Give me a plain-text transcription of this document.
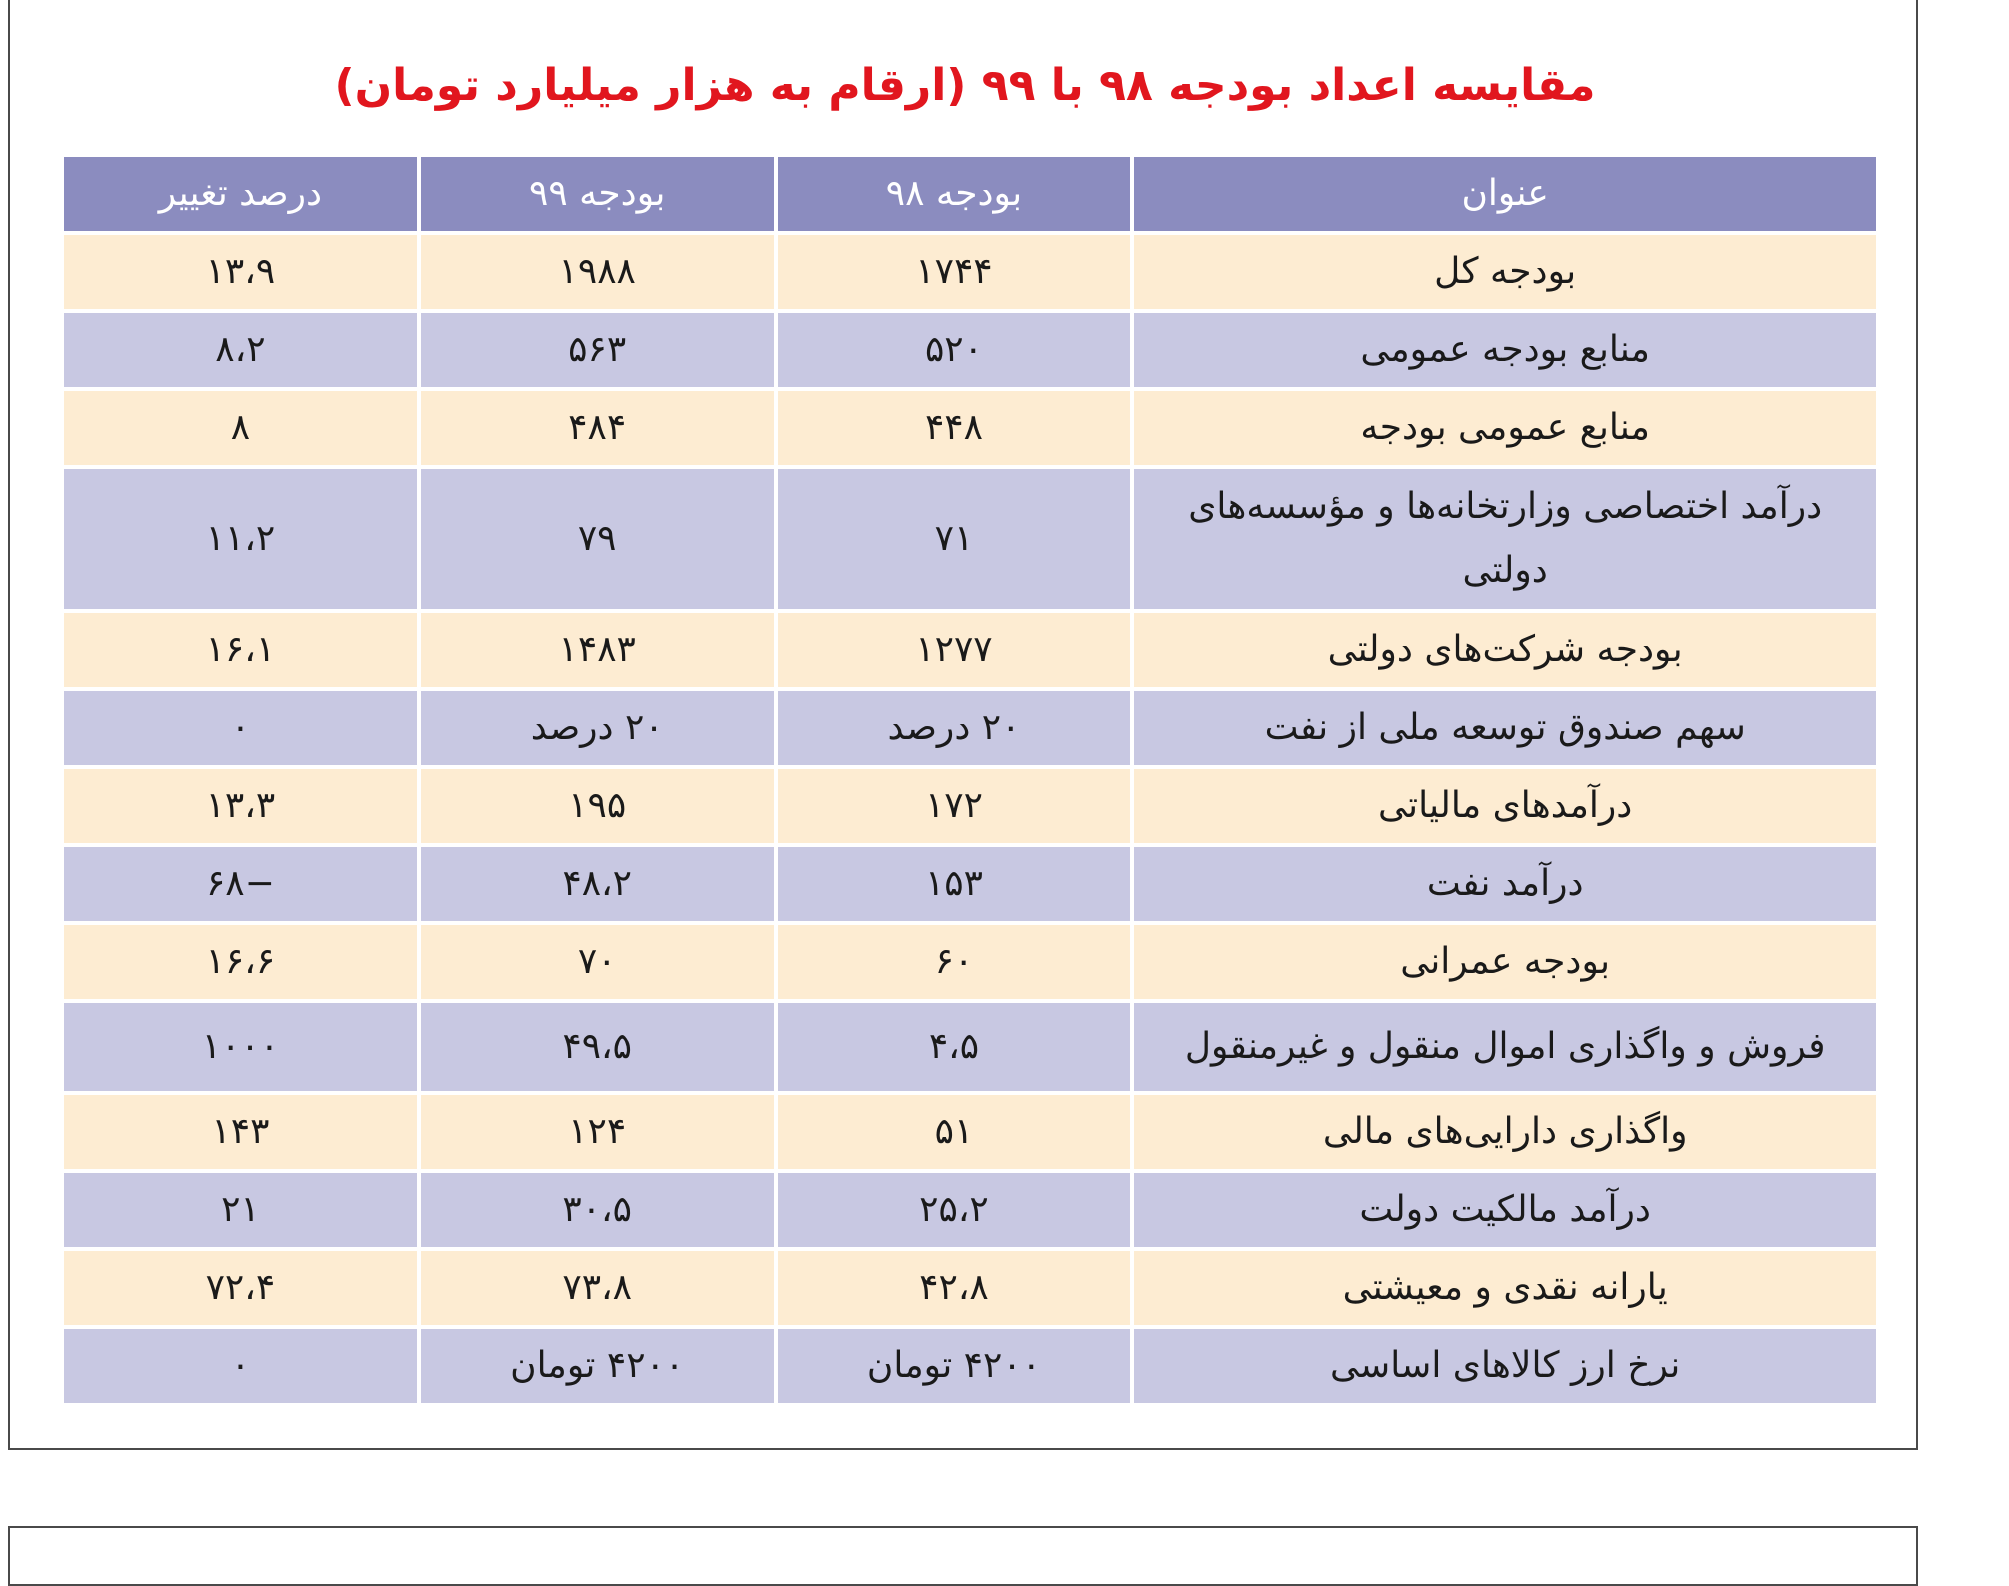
مقایسه اعداد بودجه ۹۸ با ۹۹ (ارقام به هزار میلیارد تومان)
عنوان	بودجه ۹۸	بودجه ۹۹	درصد تغییر
بودجه کل	۱۷۴۴	۱۹۸۸	۱۳،۹
منابع بودجه عمومی	۵۲۰	۵۶۳	۸،۲
منابع عمومی بودجه	۴۴۸	۴۸۴	۸
درآمد اختصاصی وزارتخانه‌ها و مؤسسه‌های دولتی	۷۱	۷۹	۱۱،۲
بودجه شرکت‌های دولتی	۱۲۷۷	۱۴۸۳	۱۶،۱
سهم صندوق توسعه ملی از نفت	۲۰ درصد	۲۰ درصد	۰
درآمدهای مالیاتی	۱۷۲	۱۹۵	۱۳،۳
درآمد نفت	۱۵۳	۴۸،۲	−۶۸
بودجه عمرانی	۶۰	۷۰	۱۶،۶
فروش و واگذاری اموال منقول و غیرمنقول	۴،۵	۴۹،۵	۱۰۰۰
واگذاری دارایی‌های مالی	۵۱	۱۲۴	۱۴۳
درآمد مالکیت دولت	۲۵،۲	۳۰،۵	۲۱
یارانه نقدی و معیشتی	۴۲،۸	۷۳،۸	۷۲،۴
نرخ ارز کالاهای اساسی	۴۲۰۰ تومان	۴۲۰۰ تومان	۰
